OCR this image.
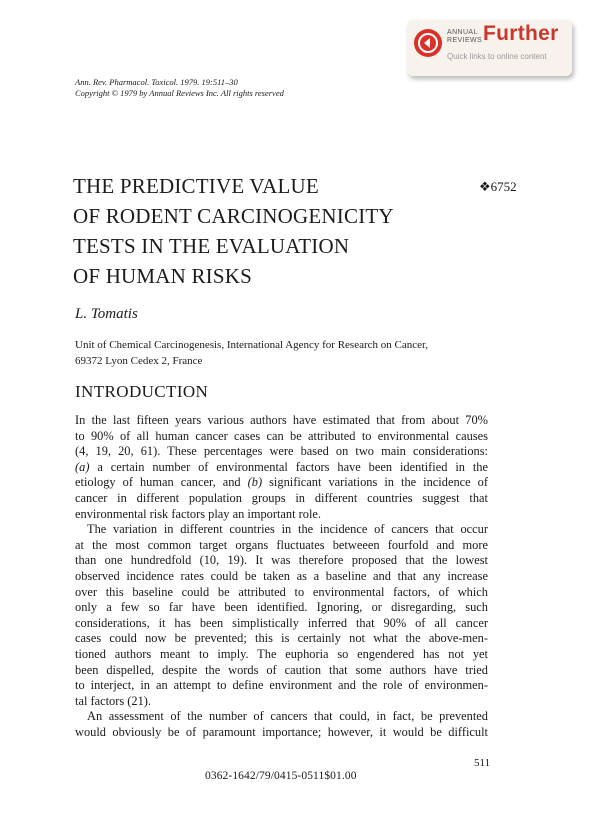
ANNUAL
REVIEWS Further
Quick links to online content
Ann. Rev. Pharmacol. Toxicol. 1979. 19:511–30
Copyright © 1979 by Annual Reviews Inc. All rights reserved
THE PREDICTIVE VALUE
OF RODENT CARCINOGENICITY
TESTS IN THE EVALUATION
OF HUMAN RISKS
❖6752
L. Tomatis
Unit of Chemical Carcinogenesis, International Agency for Research on Cancer,
69372 Lyon Cedex 2, France
INTRODUCTION
In the last fifteen years various authors have estimated that from about 70%
to 90% of all human cancer cases can be attributed to environmental causes
(4, 19, 20, 61). These percentages were based on two main considerations:
(a) a certain number of environmental factors have been identified in the
etiology of human cancer, and (b) significant variations in the incidence of
cancer in different population groups in different countries suggest that
environmental risk factors play an important role.
The variation in different countries in the incidence of cancers that occur
at the most common target organs fluctuates betweeen fourfold and more
than one hundredfold (10, 19). It was therefore proposed that the lowest
observed incidence rates could be taken as a baseline and that any increase
over this baseline could be attributed to environmental factors, of which
only a few so far have been identified. Ignoring, or disregarding, such
considerations, it has been simplistically inferred that 90% of all cancer
cases could now be prevented; this is certainly not what the above-men-
tioned authors meant to imply. The euphoria so engendered has not yet
been dispelled, despite the words of caution that some authors have tried
to interject, in an attempt to define environment and the role of environmen-
tal factors (21).
An assessment of the number of cancers that could, in fact, be prevented
would obviously be of paramount importance; however, it would be difficult
511
0362-1642/79/0415-0511$01.00
